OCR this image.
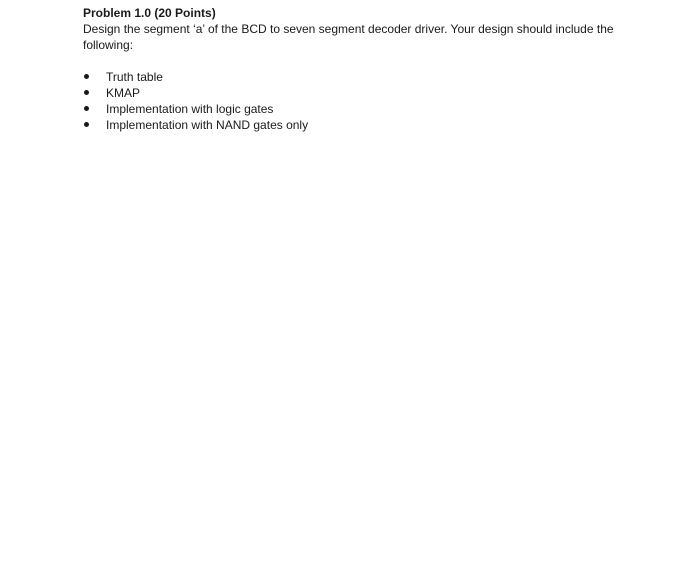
Problem 1.0 (20 Points)

Design the segment ‘a’ of the BCD to seven segment decoder driver. Your design should include the following:

Truth table
KMAP
Implementation with logic gates
Implementation with NAND gates only
